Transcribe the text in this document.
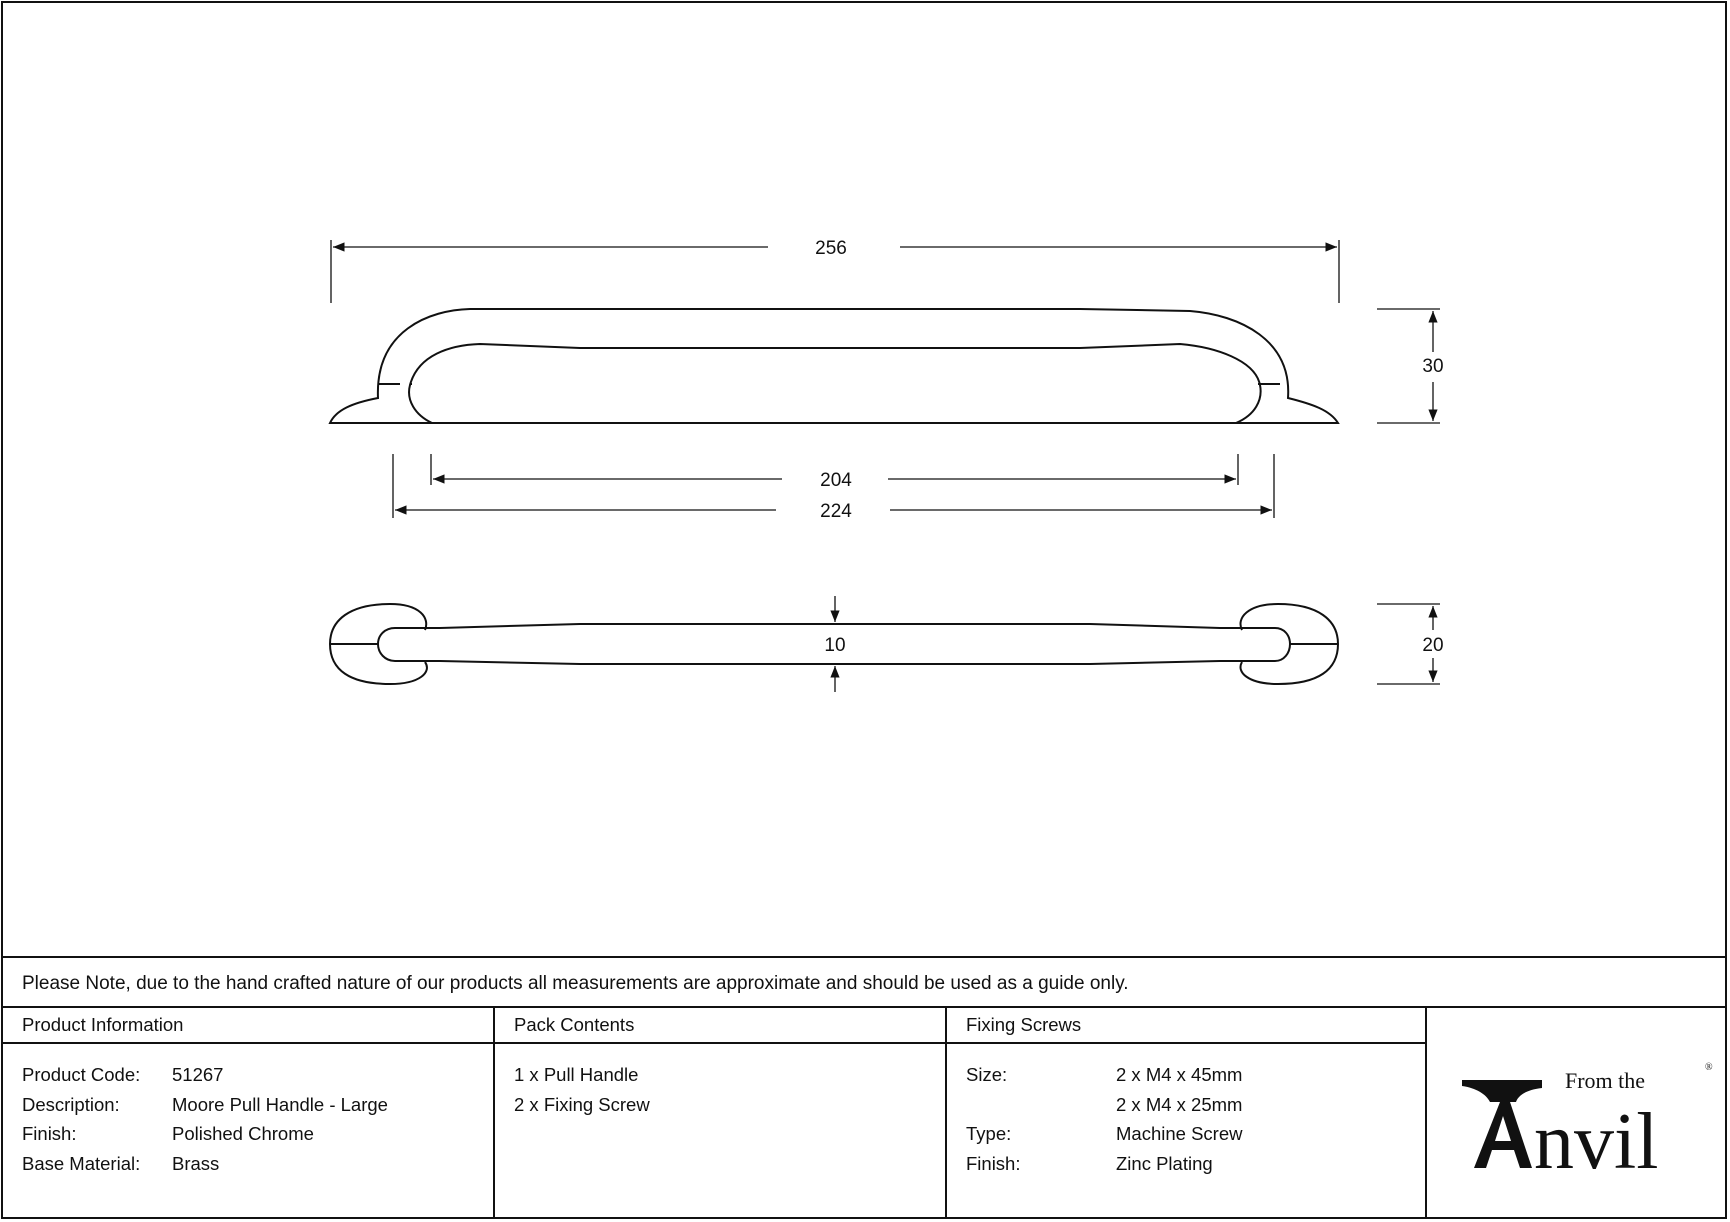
256
30
204
224
10	20
Please Note, due to the hand crafted nature of our products all measurements are approximate and should be used as a guide only.
Product Information
Product Code:	51267
Description:	Moore Pull Handle - Large
Finish:	Polished Chrome
Base Material:	Brass
Pack Contents
1 x Pull Handle
2 x Fixing Screw
Fixing Screws
Size:	2 x M4 x 45mm
2 x M4 x 25mm
Type:	Machine Screw
Finish:	Zinc Plating
From the
®
nvil
Anvil
